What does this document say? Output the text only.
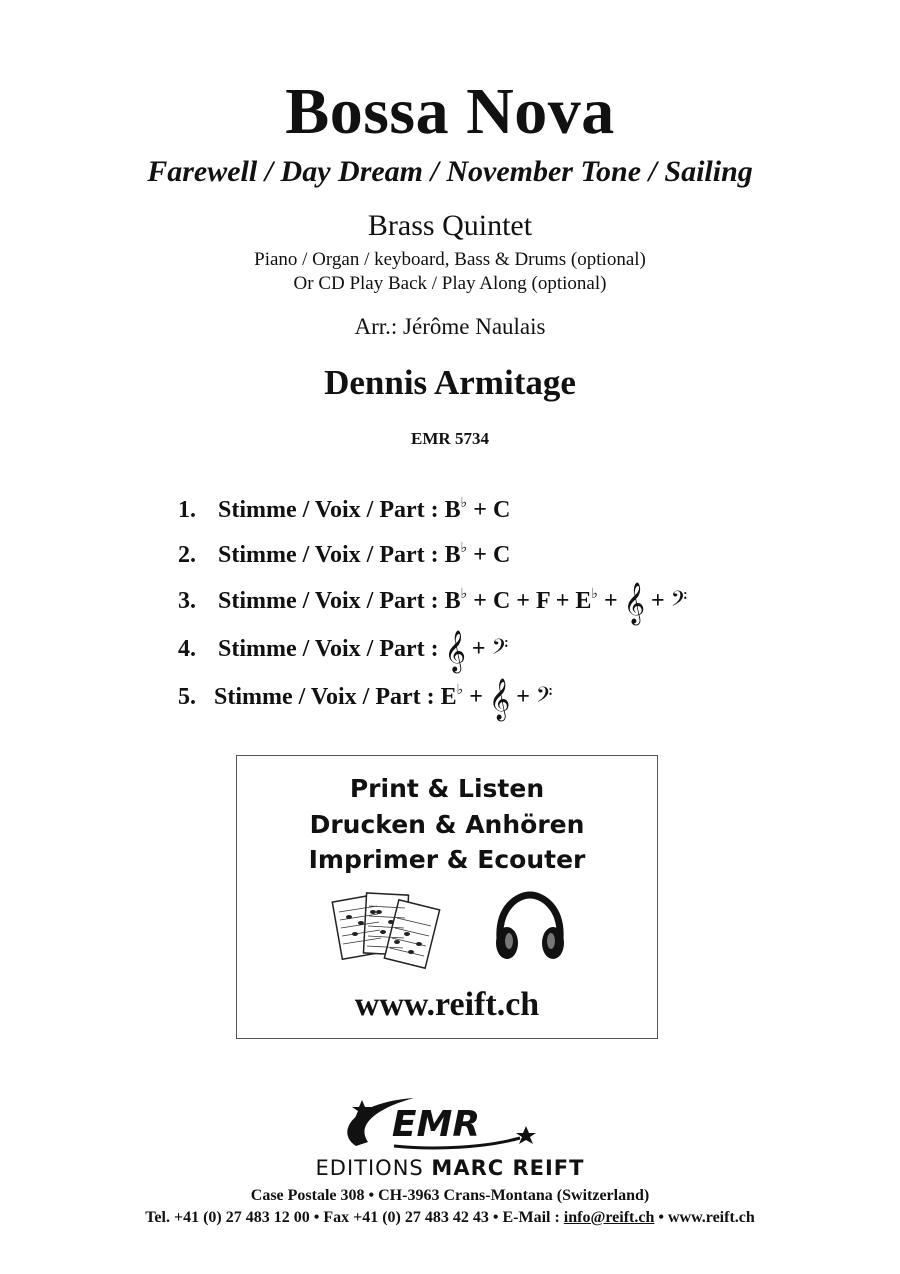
Bossa Nova
Farewell / Day Dream / November Tone / Sailing
Brass Quintet
Piano / Organ / keyboard, Bass & Drums (optional)
Or CD Play Back / Play Along (optional)
Arr.: Jérôme Naulais
Dennis Armitage
EMR 5734
1. Stimme / Voix / Part : B♭ + C
2. Stimme / Voix / Part : B♭ + C
3. Stimme / Voix / Part : B♭ + C + F + E♭ + 𝄞 + 𝄢
4. Stimme / Voix / Part : 𝄞 + 𝄢
5. Stimme / Voix / Part : E♭ + 𝄞 + 𝄢
Print & Listen
Drucken & Anhören
Imprimer & Ecouter
www.reift.ch
EMR
EDITIONS MARC REIFT
Case Postale 308 • CH-3963 Crans-Montana (Switzerland)
Tel. +41 (0) 27 483 12 00 • Fax +41 (0) 27 483 42 43 • E-Mail : info@reift.ch • www.reift.ch
